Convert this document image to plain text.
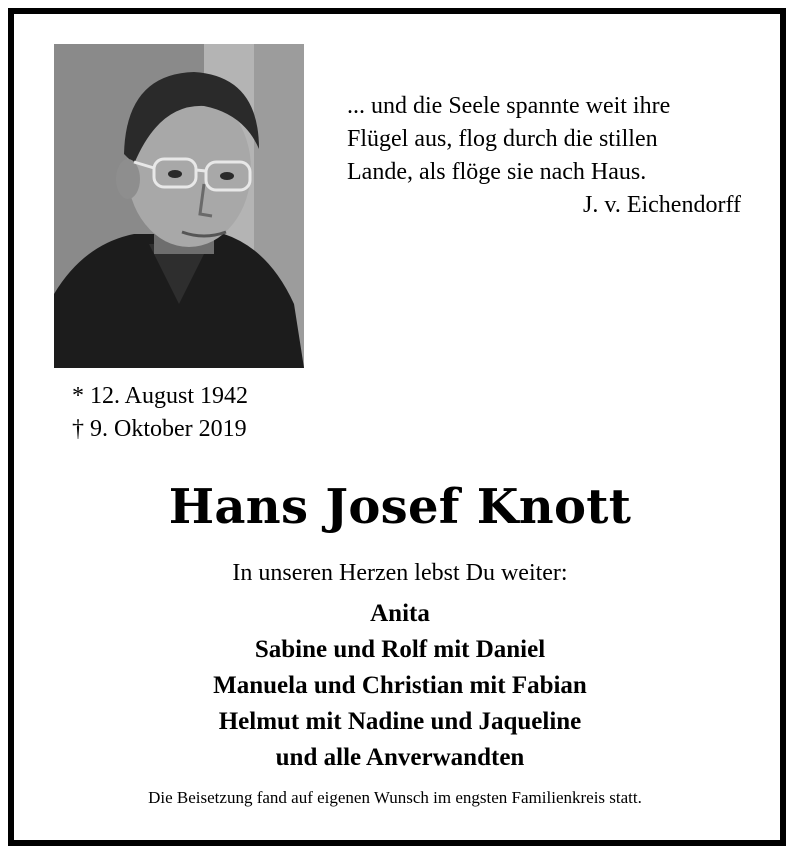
... und die Seele spannte weit ihre
Flügel aus, flog durch die stillen
Lande, als flöge sie nach Haus.
J. v. Eichendorff
* 12. August 1942
† 9. Oktober 2019
Hans Josef Knott
In unseren Herzen lebst Du weiter:
Anita
Sabine und Rolf mit Daniel
Manuela und Christian mit Fabian
Helmut mit Nadine und Jaqueline
und alle Anverwandten
Die Beisetzung fand auf eigenen Wunsch im engsten Familienkreis statt.
